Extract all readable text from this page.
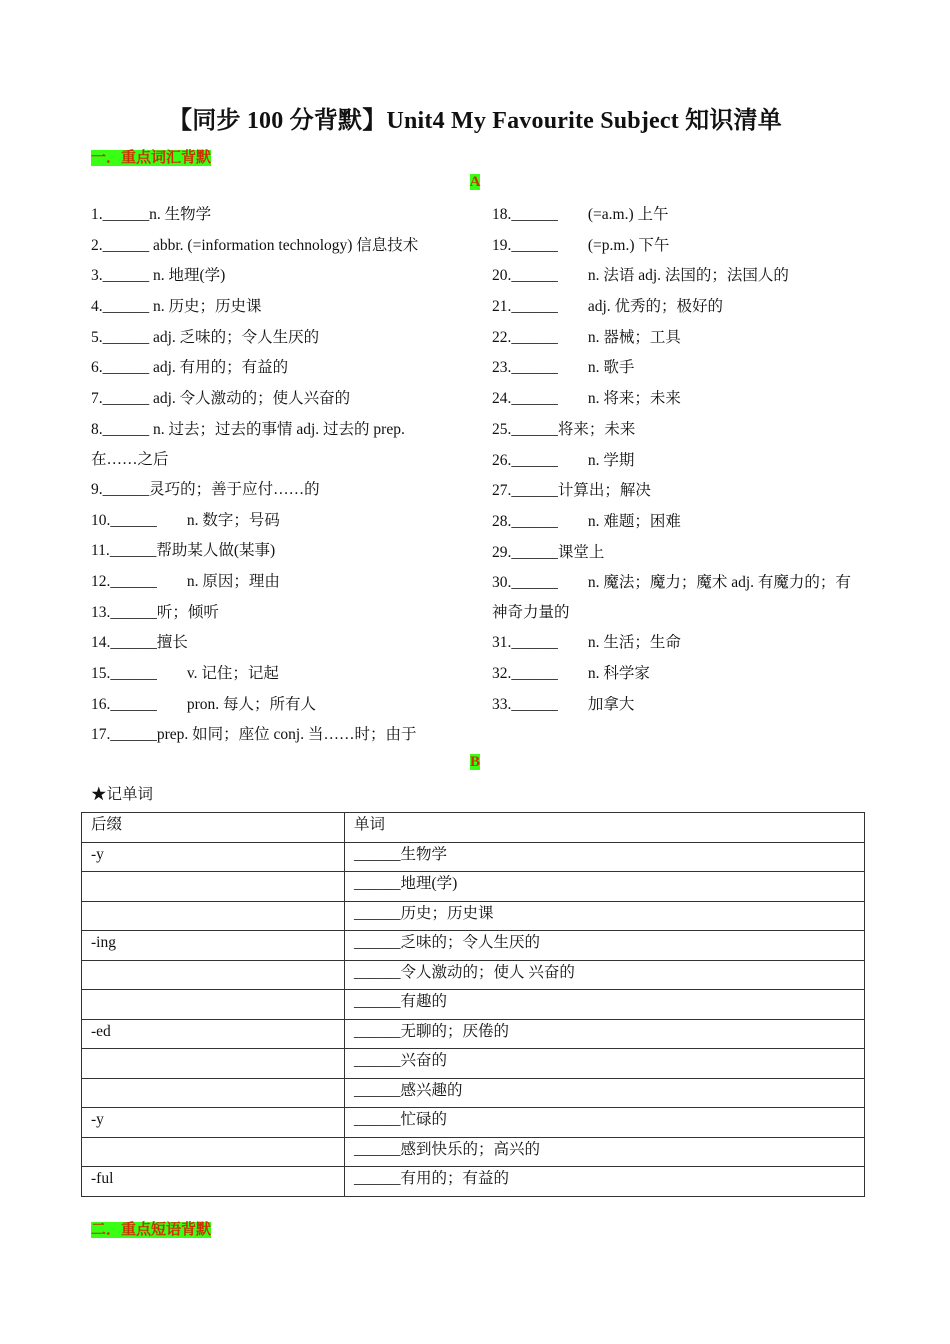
【同步 100 分背默】Unit4 My Favourite Subject 知识清单
一．重点词汇背默
A
1.______n. 生物学
2.______ abbr. (=information technology) 信息技术
3.______ n. 地理(学)
4.______ n. 历史；历史课
5.______ adj. 乏味的；令人生厌的
6.______ adj. 有用的；有益的
7.______ adj. 令人激动的；使人兴奋的
8.______ n. 过去；过去的事情 adj. 过去的 prep. 在……之后
9.______灵巧的；善于应付……的
10.______ n. 数字；号码
11.______帮助某人做(某事)
12.______ n. 原因；理由
13.______听；倾听
14.______擅长
15.______ v. 记住；记起
16.______ pron. 每人；所有人
17.______prep. 如同；座位 conj. 当……时；由于
18.______ (=a.m.) 上午
19.______ (=p.m.) 下午
20.______ n. 法语 adj. 法国的；法国人的
21.______ adj. 优秀的；极好的
22.______ n. 器械；工具
23.______ n. 歌手
24.______ n. 将来；未来
25.______将来；未来
26.______ n. 学期
27.______计算出；解决
28.______ n. 难题；困难
29.______课堂上
30.______ n. 魔法；魔力；魔术 adj. 有魔力的；有神奇力量的
31.______ n. 生活；生命
32.______ n. 科学家
33.______ 加拿大
B
★记单词
后缀	单词
-y	______生物学
	______地理(学)
	______历史；历史课
-ing	______乏味的；令人生厌的
	______令人激动的；使人 兴奋的
	______有趣的
-ed	______无聊的；厌倦的
	______兴奋的
	______感兴趣的
-y	______忙碌的
	______感到快乐的；高兴的
-ful	______有用的；有益的
二．重点短语背默
